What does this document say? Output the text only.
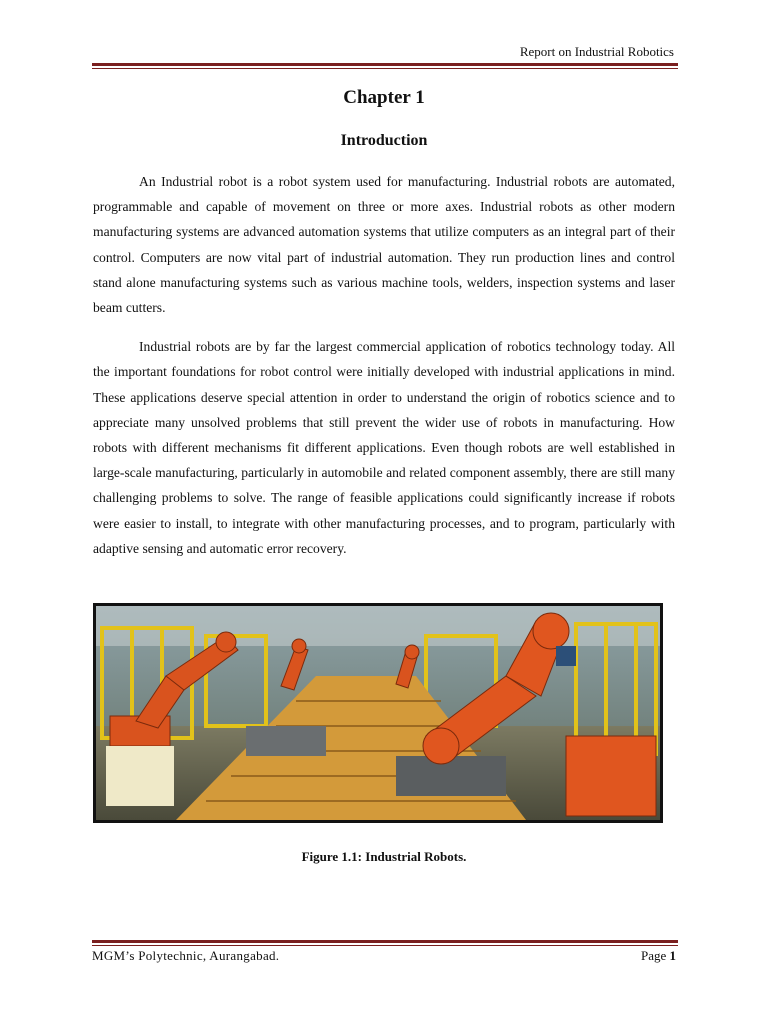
Report on Industrial Robotics
Chapter 1
Introduction

An Industrial robot is a robot system used for manufacturing. Industrial robots are automated, programmable and capable of movement on three or more axes. Industrial robots as other modern manufacturing systems are advanced automation systems that utilize computers as an integral part of their control. Computers are now vital part of industrial automation. They run production lines and control stand alone manufacturing systems such as various machine tools, welders, inspection systems and laser beam cutters.

Industrial robots are by far the largest commercial application of robotics technology today. All the important foundations for robot control were initially developed with industrial applications in mind. These applications deserve special attention in order to understand the origin of robotics science and to appreciate many unsolved problems that still prevent the wider use of robots in manufacturing. How robots with different mechanisms fit different applications. Even though robots are well established in large-scale manufacturing, particularly in automobile and related component assembly, there are still many challenging problems to solve. The range of feasible applications could significantly increase if robots were easier to install, to integrate with other manufacturing processes, and to program, particularly with adaptive sensing and automatic error recovery.

Figure 1.1: Industrial Robots.
MGM’s Polytechnic, Aurangabad.	Page 1
